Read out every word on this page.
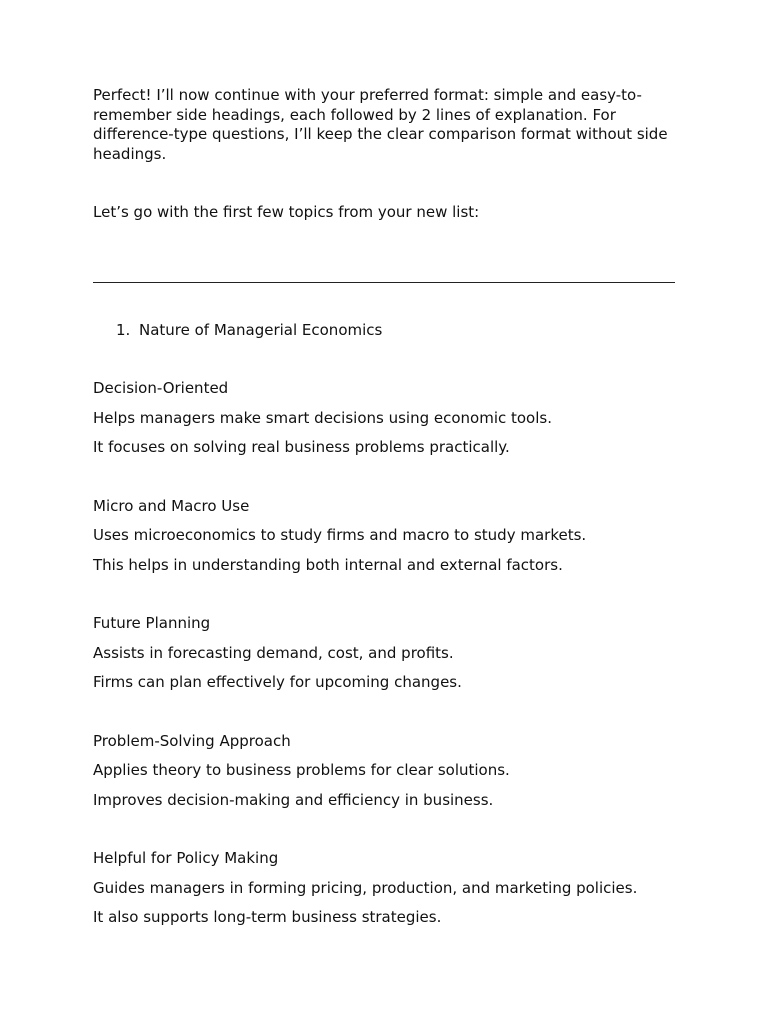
Perfect! I’ll now continue with your preferred format: simple and easy-to-remember side headings, each followed by 2 lines of explanation. For difference-type questions, I’ll keep the clear comparison format without side headings.

Let’s go with the first few topics from your new list:

1. Nature of Managerial Economics

Decision-Oriented

Helps managers make smart decisions using economic tools.

It focuses on solving real business problems practically.

Micro and Macro Use

Uses microeconomics to study firms and macro to study markets.

This helps in understanding both internal and external factors.

Future Planning

Assists in forecasting demand, cost, and profits.

Firms can plan effectively for upcoming changes.

Problem-Solving Approach

Applies theory to business problems for clear solutions.

Improves decision-making and efficiency in business.

Helpful for Policy Making

Guides managers in forming pricing, production, and marketing policies.

It also supports long-term business strategies.
